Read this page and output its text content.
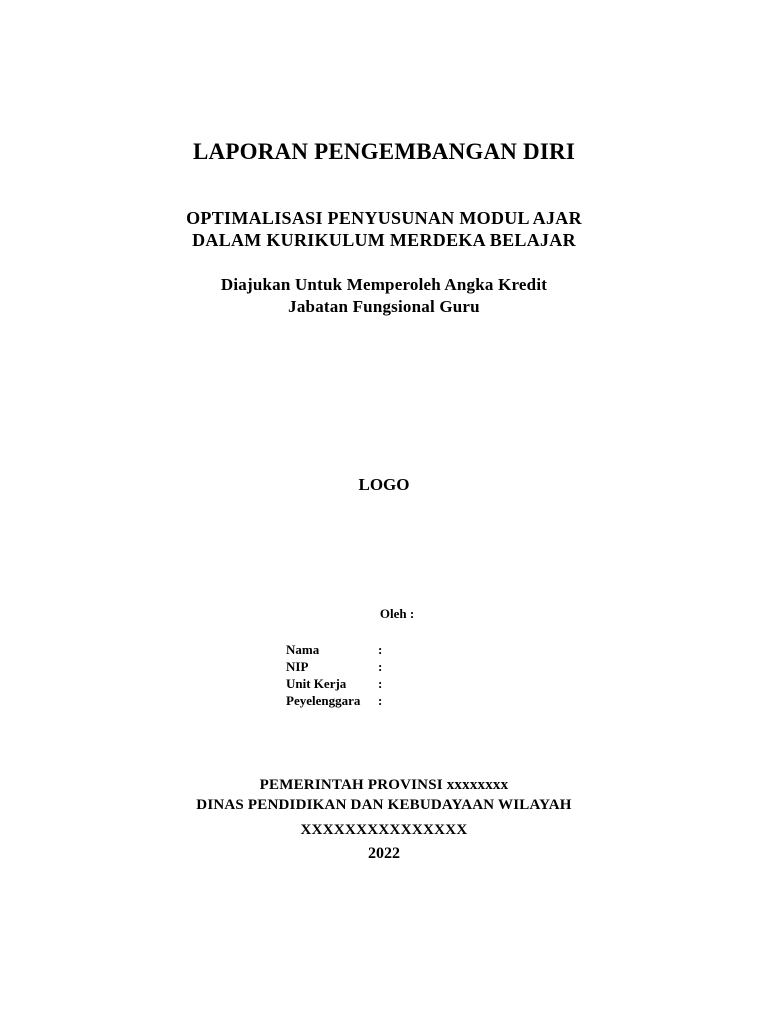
LAPORAN PENGEMBANGAN DIRI
OPTIMALISASI PENYUSUNAN MODUL AJAR
DALAM KURIKULUM MERDEKA BELAJAR
Diajukan Untuk Memperoleh Angka Kredit
Jabatan Fungsional Guru
LOGO
Oleh :
Nama	:
NIP	:
Unit Kerja	:
Peyelenggara	:
PEMERINTAH PROVINSI xxxxxxxx
DINAS PENDIDIKAN DAN KEBUDAYAAN WILAYAH
XXXXXXXXXXXXXXX
2022
